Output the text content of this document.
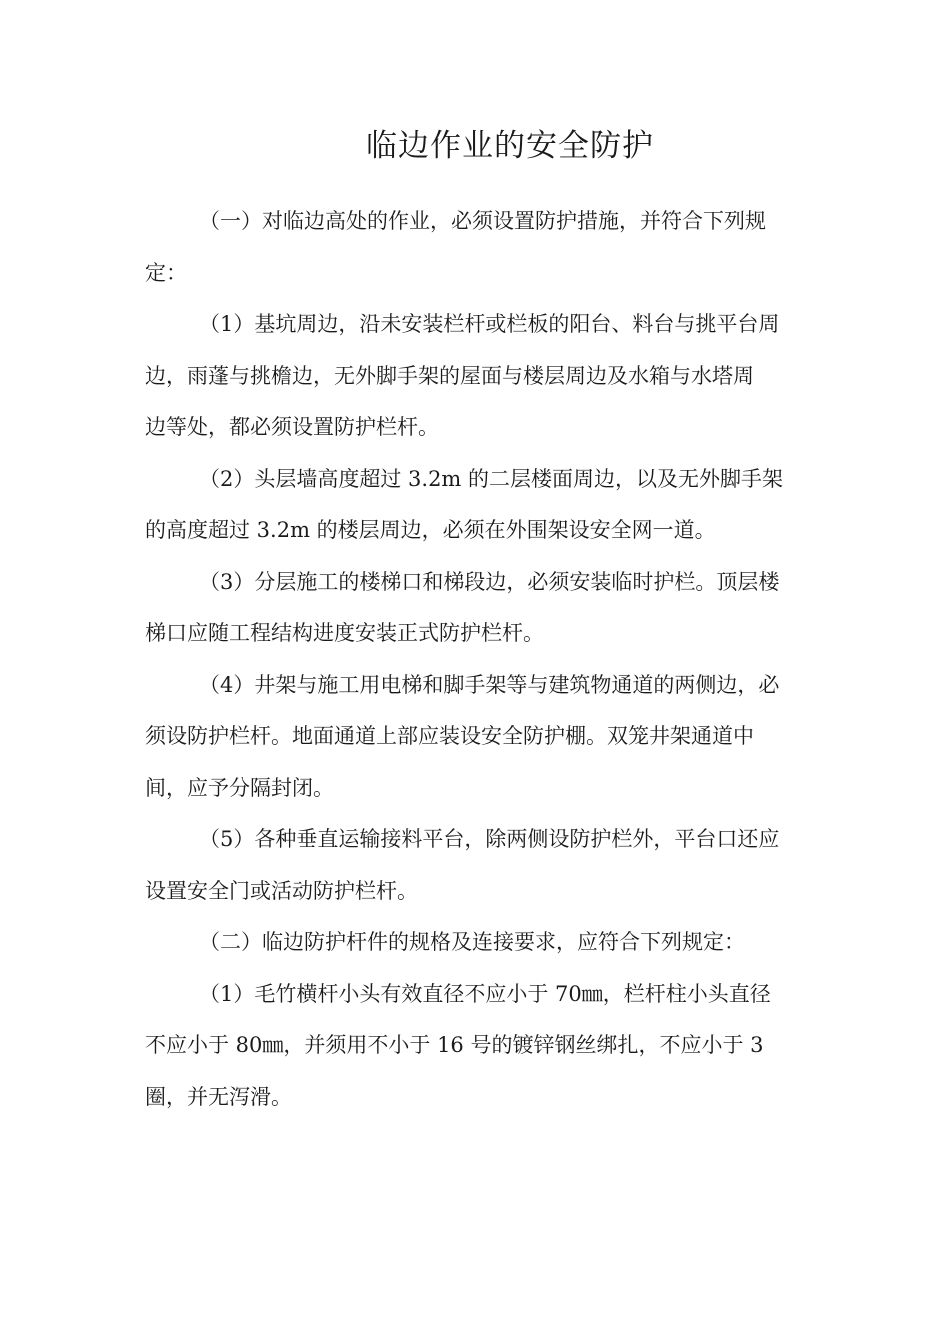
临边作业的安全防护

（一）对临边高处的作业，必须设置防护措施，并符合下列规
定：

（1）基坑周边，沿未安装栏杆或栏板的阳台、料台与挑平台周
边，雨蓬与挑檐边，无外脚手架的屋面与楼层周边及水箱与水塔周
边等处，都必须设置防护栏杆。

（2）头层墙高度超过 3.2m 的二层楼面周边，以及无外脚手架
的高度超过 3.2m 的楼层周边，必须在外围架设安全网一道。

（3）分层施工的楼梯口和梯段边，必须安装临时护栏。顶层楼
梯口应随工程结构进度安装正式防护栏杆。

（4）井架与施工用电梯和脚手架等与建筑物通道的两侧边，必
须设防护栏杆。地面通道上部应装设安全防护棚。双笼井架通道中
间，应予分隔封闭。

（5）各种垂直运输接料平台，除两侧设防护栏外，平台口还应
设置安全门或活动防护栏杆。

（二）临边防护杆件的规格及连接要求，应符合下列规定：

（1）毛竹横杆小头有效直径不应小于 70㎜，栏杆柱小头直径
不应小于 80㎜，并须用不小于 16 号的镀锌钢丝绑扎，不应小于 3
圈，并无泻滑。
